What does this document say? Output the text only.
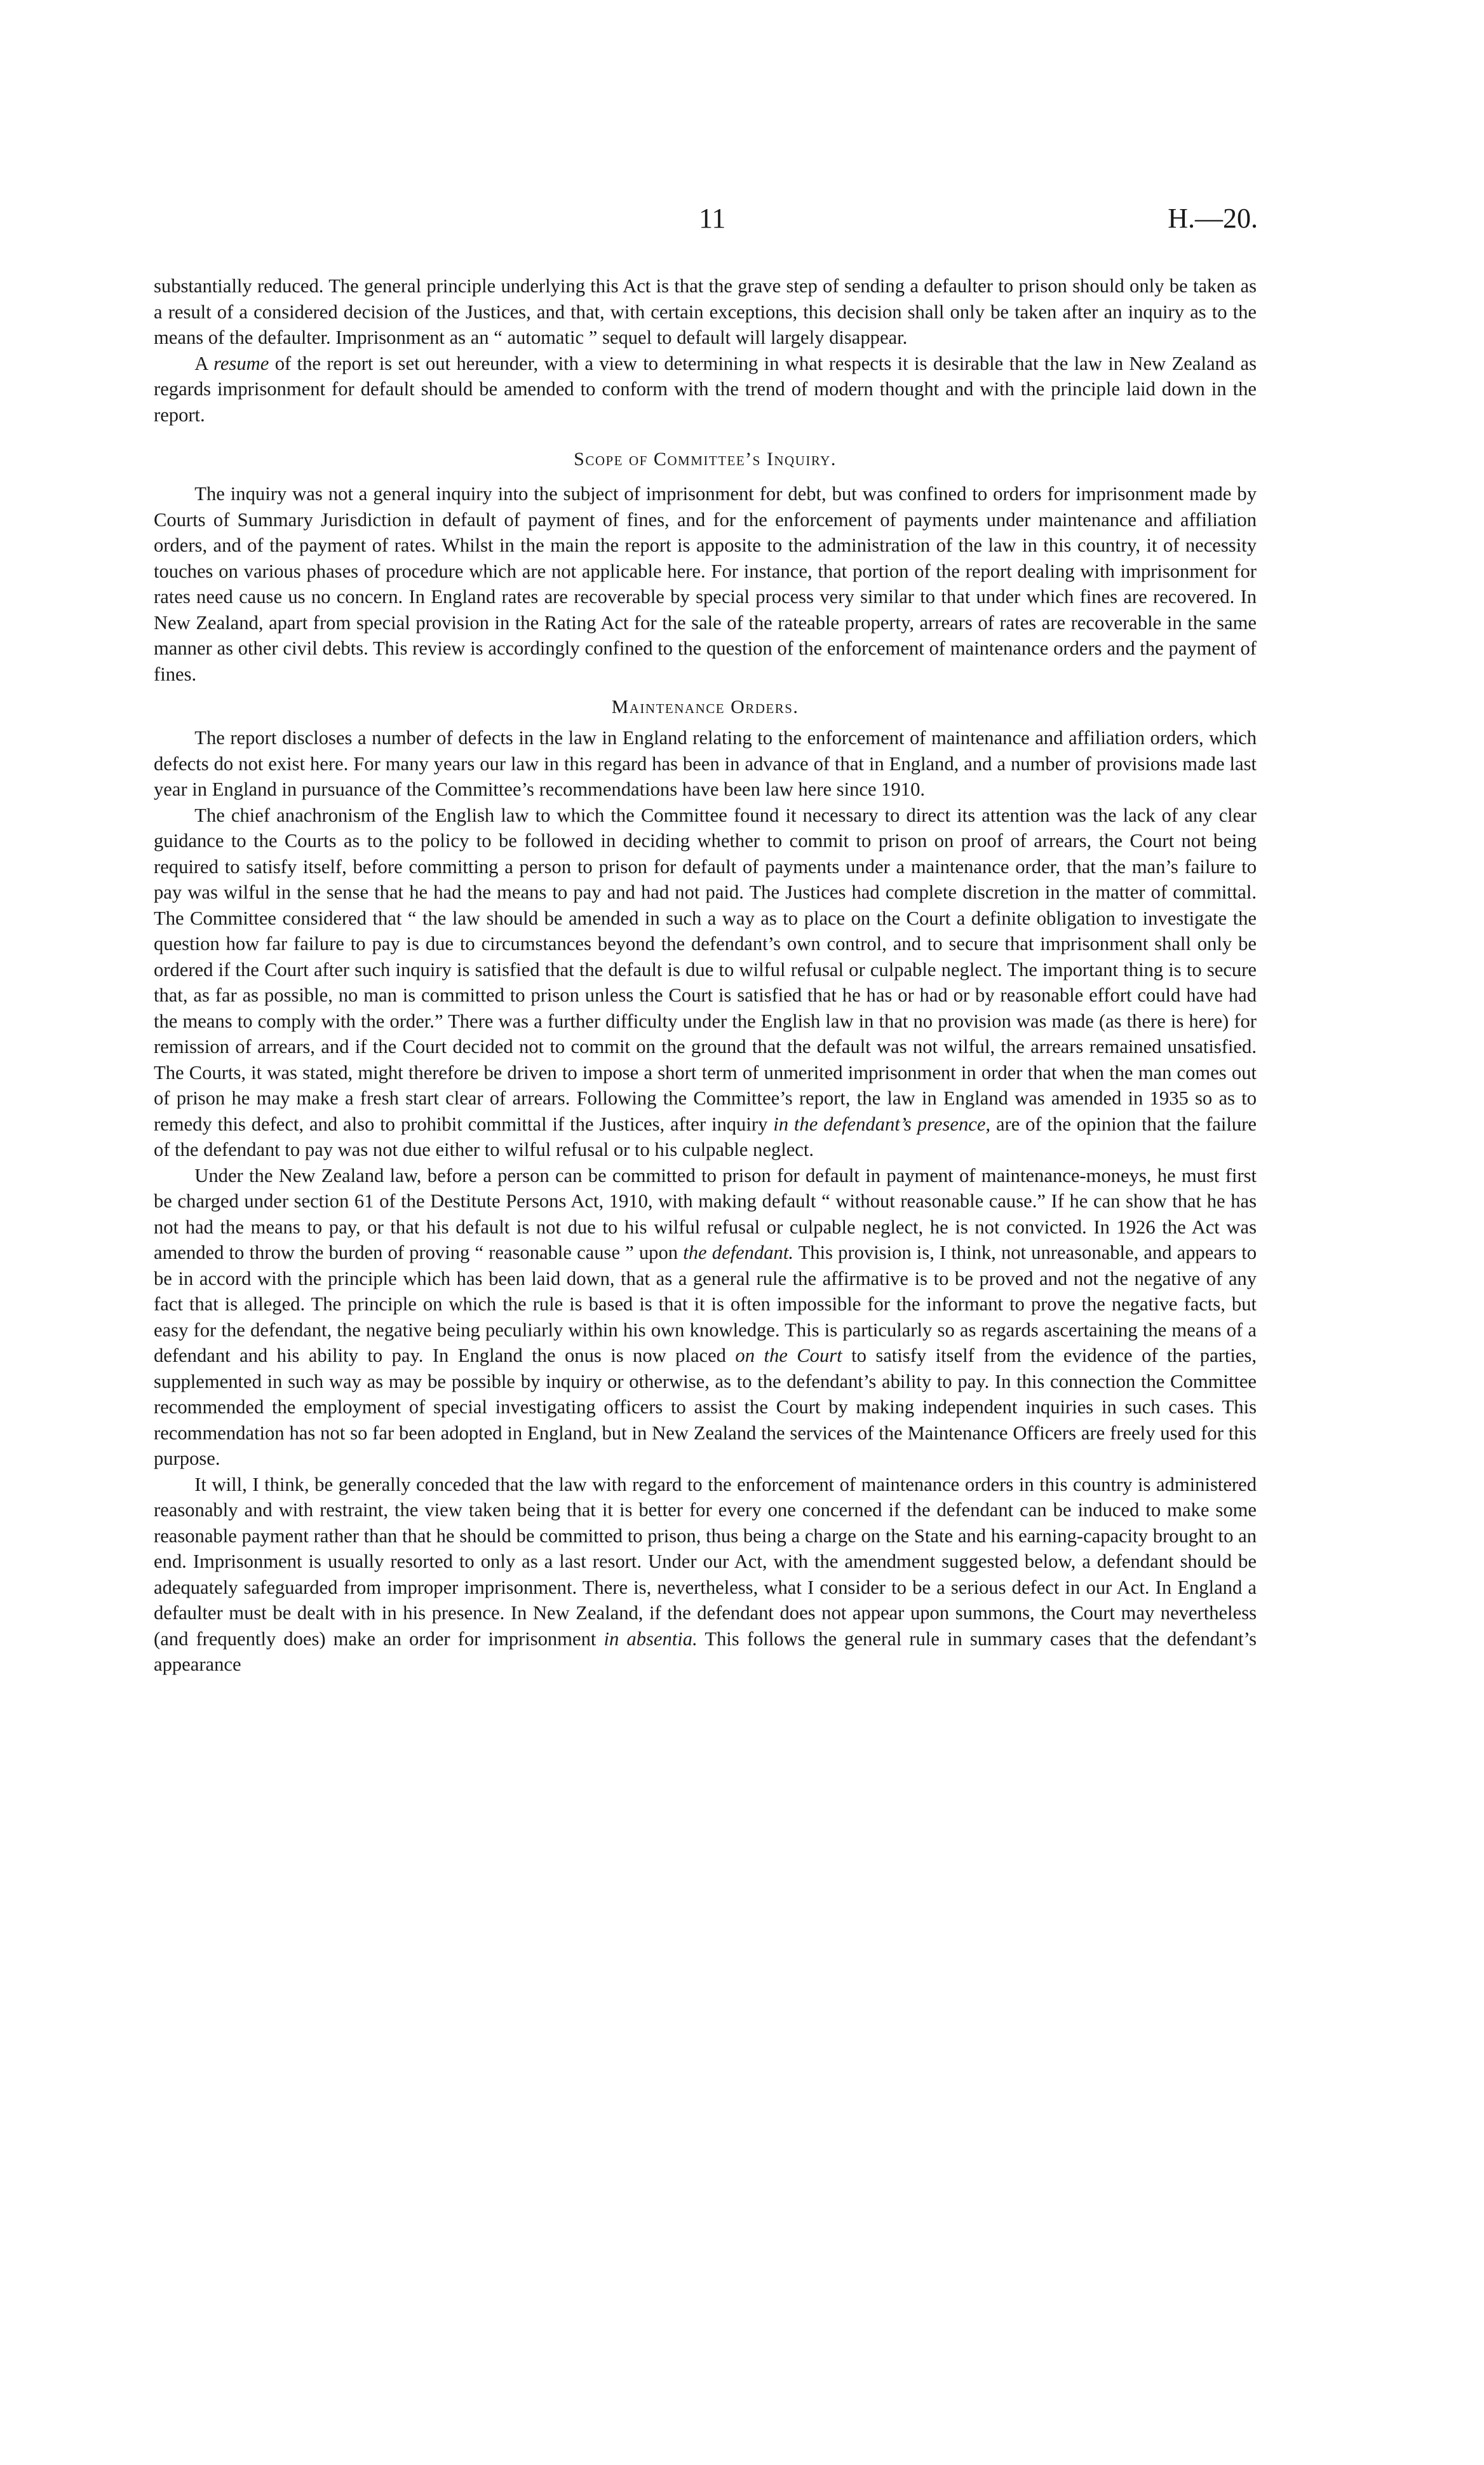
11	H.—20.

substantially reduced. The general principle underlying this Act is that the grave step of sending a defaulter to prison should only be taken as a result of a considered decision of the Justices, and that, with certain exceptions, this decision shall only be taken after an inquiry as to the means of the defaulter. Imprisonment as an “ automatic ” sequel to default will largely disappear.

A resume of the report is set out hereunder, with a view to determining in what respects it is desirable that the law in New Zealand as regards imprisonment for default should be amended to conform with the trend of modern thought and with the principle laid down in the report.

Scope of Committee’s Inquiry.

The inquiry was not a general inquiry into the subject of imprisonment for debt, but was confined to orders for imprisonment made by Courts of Summary Jurisdiction in default of payment of fines, and for the enforcement of payments under maintenance and affiliation orders, and of the payment of rates. Whilst in the main the report is apposite to the administration of the law in this country, it of necessity touches on various phases of procedure which are not applicable here. For instance, that portion of the report dealing with imprisonment for rates need cause us no concern. In England rates are recoverable by special process very similar to that under which fines are recovered. In New Zealand, apart from special provision in the Rating Act for the sale of the rateable property, arrears of rates are recoverable in the same manner as other civil debts. This review is accordingly confined to the question of the enforcement of maintenance orders and the payment of fines.

Maintenance Orders.

The report discloses a number of defects in the law in England relating to the enforcement of maintenance and affiliation orders, which defects do not exist here. For many years our law in this regard has been in advance of that in England, and a number of provisions made last year in England in pursuance of the Committee’s recommendations have been law here since 1910.

The chief anachronism of the English law to which the Committee found it necessary to direct its attention was the lack of any clear guidance to the Courts as to the policy to be followed in deciding whether to commit to prison on proof of arrears, the Court not being required to satisfy itself, before committing a person to prison for default of payments under a maintenance order, that the man’s failure to pay was wilful in the sense that he had the means to pay and had not paid. The Justices had complete discretion in the matter of committal. The Committee considered that “ the law should be amended in such a way as to place on the Court a definite obligation to investigate the question how far failure to pay is due to circumstances beyond the defendant’s own control, and to secure that imprisonment shall only be ordered if the Court after such inquiry is satisfied that the default is due to wilful refusal or culpable neglect. The important thing is to secure that, as far as possible, no man is committed to prison unless the Court is satisfied that he has or had or by reasonable effort could have had the means to comply with the order.” There was a further difficulty under the English law in that no provision was made (as there is here) for remission of arrears, and if the Court decided not to commit on the ground that the default was not wilful, the arrears remained unsatisfied. The Courts, it was stated, might therefore be driven to impose a short term of unmerited imprisonment in order that when the man comes out of prison he may make a fresh start clear of arrears. Following the Committee’s report, the law in England was amended in 1935 so as to remedy this defect, and also to prohibit committal if the Justices, after inquiry in the defendant’s presence, are of the opinion that the failure of the defendant to pay was not due either to wilful refusal or to his culpable neglect.

Under the New Zealand law, before a person can be committed to prison for default in payment of maintenance-moneys, he must first be charged under section 61 of the Destitute Persons Act, 1910, with making default “ without reasonable cause.” If he can show that he has not had the means to pay, or that his default is not due to his wilful refusal or culpable neglect, he is not convicted. In 1926 the Act was amended to throw the burden of proving “ reasonable cause ” upon the defendant. This provision is, I think, not unreasonable, and appears to be in accord with the principle which has been laid down, that as a general rule the affirmative is to be proved and not the negative of any fact that is alleged. The principle on which the rule is based is that it is often impossible for the informant to prove the negative facts, but easy for the defendant, the negative being peculiarly within his own knowledge. This is particularly so as regards ascertaining the means of a defendant and his ability to pay. In England the onus is now placed on the Court to satisfy itself from the evidence of the parties, supplemented in such way as may be possible by inquiry or otherwise, as to the defendant’s ability to pay. In this connection the Committee recommended the employment of special investigating officers to assist the Court by making independent inquiries in such cases. This recommendation has not so far been adopted in England, but in New Zealand the services of the Maintenance Officers are freely used for this purpose.

It will, I think, be generally conceded that the law with regard to the enforcement of maintenance orders in this country is administered reasonably and with restraint, the view taken being that it is better for every one concerned if the defendant can be induced to make some reasonable payment rather than that he should be committed to prison, thus being a charge on the State and his earning-capacity brought to an end. Imprisonment is usually resorted to only as a last resort. Under our Act, with the amendment suggested below, a defendant should be adequately safeguarded from improper imprisonment. There is, nevertheless, what I consider to be a serious defect in our Act. In England a defaulter must be dealt with in his presence. In New Zealand, if the defendant does not appear upon summons, the Court may nevertheless (and frequently does) make an order for imprisonment in absentia. This follows the general rule in summary cases that the defendant’s appearance
